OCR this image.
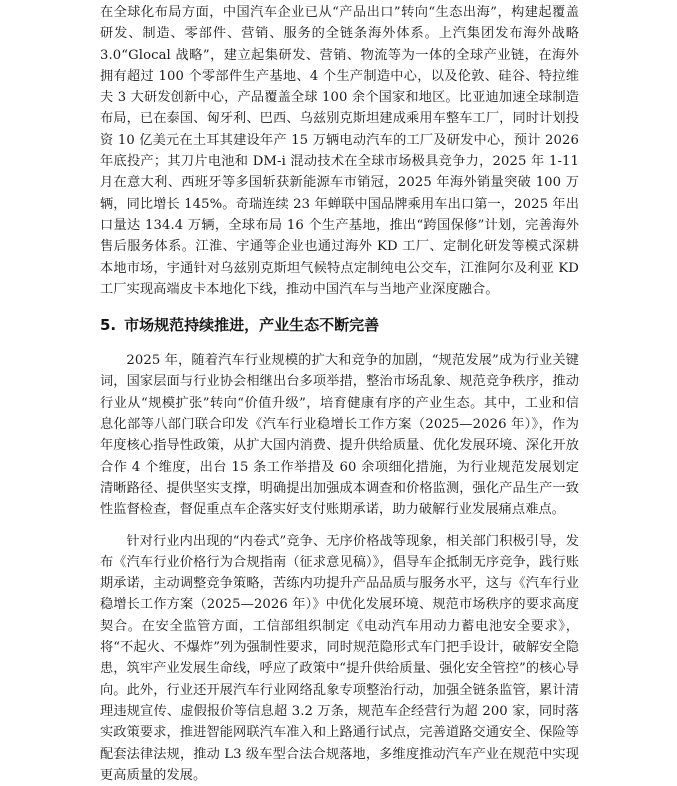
在全球化布局方面，中国汽车企业已从“产品出口”转向“生态出海”，构建起覆盖研发、制造、零部件、营销、服务的全链条海外体系。上汽集团发布海外战略 3.0“Glocal 战略”，建立起集研发、营销、物流等为一体的全球产业链，在海外拥有超过 100 个零部件生产基地、4 个生产制造中心，以及伦敦、硅谷、特拉维夫 3 大研发创新中心，产品覆盖全球 100 余个国家和地区。比亚迪加速全球制造布局，已在泰国、匈牙利、巴西、乌兹别克斯坦建成乘用车整车工厂，同时计划投资 10 亿美元在土耳其建设年产 15 万辆电动汽车的工厂及研发中心，预计 2026 年底投产；其刀片电池和 DM-i 混动技术在全球市场极具竞争力，2025 年 1-11 月在意大利、西班牙等多国斩获新能源车市销冠，2025 年海外销量突破 100 万辆，同比增长 145%。奇瑞连续 23 年蝉联中国品牌乘用车出口第一，2025 年出口量达 134.4 万辆，全球布局 16 个生产基地，推出“跨国保修”计划，完善海外售后服务体系。江淮、宇通等企业也通过海外 KD 工厂、定制化研发等模式深耕本地市场，宇通针对乌兹别克斯坦气候特点定制纯电公交车，江淮阿尔及利亚 KD 工厂实现高端皮卡本地化下线，推动中国汽车与当地产业深度融合。

5. 市场规范持续推进，产业生态不断完善

2025 年，随着汽车行业规模的扩大和竞争的加剧，“规范发展”成为行业关键词，国家层面与行业协会相继出台多项举措，整治市场乱象、规范竞争秩序，推动行业从“规模扩张”转向“价值升级”，培育健康有序的产业生态。其中，工业和信息化部等八部门联合印发《汽车行业稳增长工作方案（2025—2026 年）》，作为年度核心指导性政策，从扩大国内消费、提升供给质量、优化发展环境、深化开放合作 4 个维度，出台 15 条工作举措及 60 余项细化措施，为行业规范发展划定清晰路径、提供坚实支撑，明确提出加强成本调查和价格监测，强化产品生产一致性监督检查，督促重点车企落实好支付账期承诺，助力破解行业发展痛点难点。

针对行业内出现的“内卷式”竞争、无序价格战等现象，相关部门积极引导，发布《汽车行业价格行为合规指南（征求意见稿）》，倡导车企抵制无序竞争，践行账期承诺，主动调整竞争策略，苦练内功提升产品品质与服务水平，这与《汽车行业稳增长工作方案（2025—2026 年）》中优化发展环境、规范市场秩序的要求高度契合。在安全监管方面，工信部组织制定《电动汽车用动力蓄电池安全要求》，将“不起火、不爆炸”列为强制性要求，同时规范隐形式车门把手设计，破解安全隐患，筑牢产业发展生命线，呼应了政策中“提升供给质量、强化安全管控”的核心导向。此外，行业还开展汽车行业网络乱象专项整治行动，加强全链条监管，累计清理违规宣传、虚假报价等信息超 3.2 万条，规范车企经营行为超 200 家，同时落实政策要求，推进智能网联汽车准入和上路通行试点，完善道路交通安全、保险等配套法律法规，推动 L3 级车型合法合规落地，多维度推动汽车产业在规范中实现更高质量的发展。
